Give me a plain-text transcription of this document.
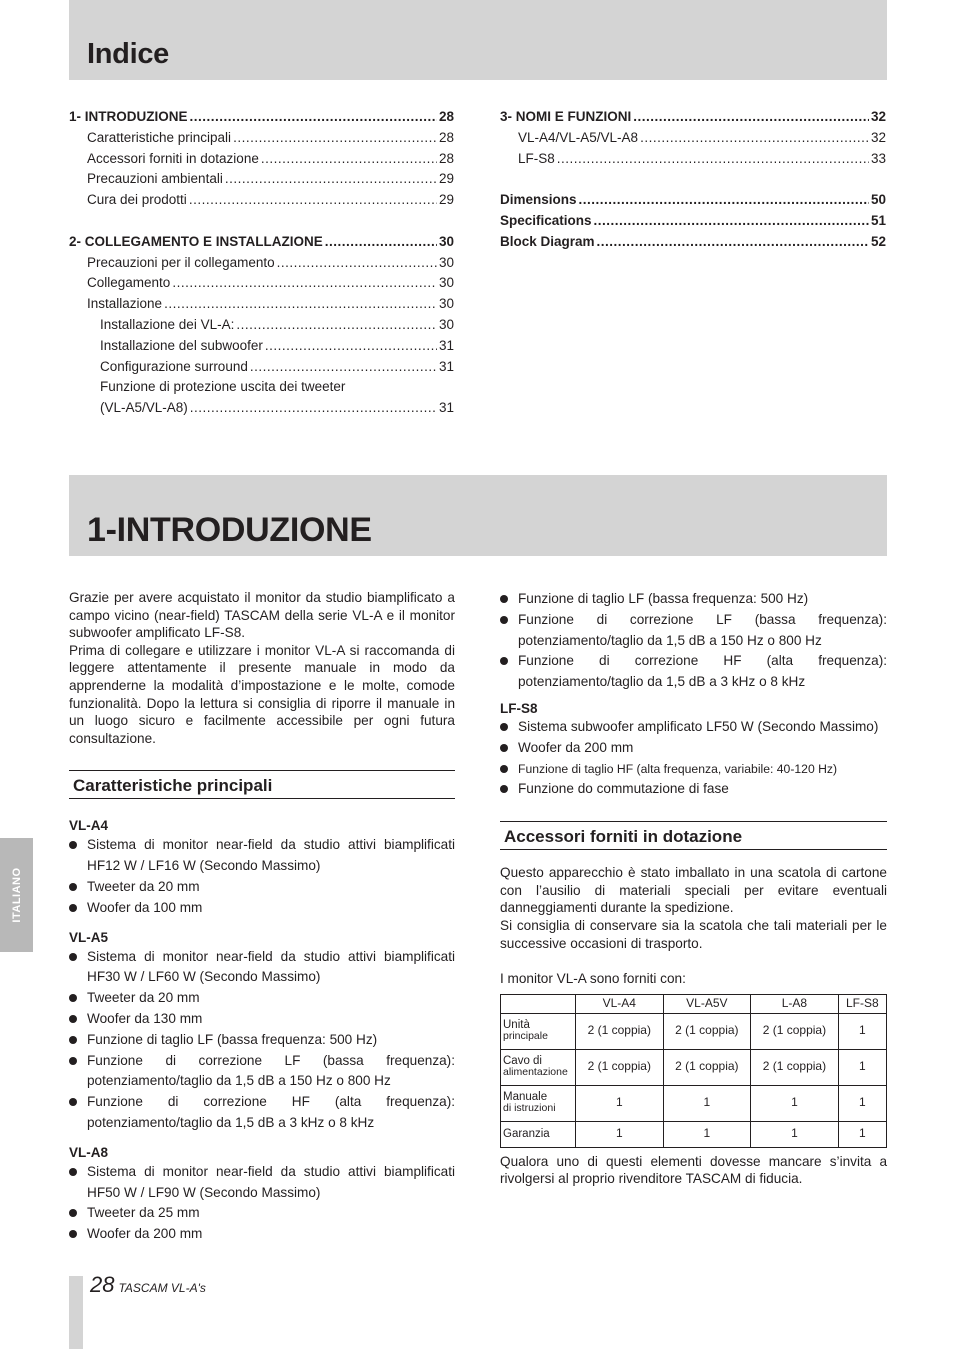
Indice
1- INTRODUZIONE .....	28
Caratteristiche principali .....	28
Accessori forniti in dotazione .....	28
Precauzioni ambientali .....	29
Cura dei prodotti .....	29
2- COLLEGAMENTO E INSTALLAZIONE .....	30
Precauzioni per il collegamento .....	30
Collegamento .....	30
Installazione .....	30
Installazione dei VL-A: .....	30
Installazione del subwoofer .....	31
Configurazione surround .....	31
Funzione di protezione uscita dei tweeter
(VL-A5/VL-A8) .....	31
3- NOMI E FUNZIONI .....	32
VL-A4/VL-A5/VL-A8 .....	32
LF-S8 .....	33
Dimensions .....	50
Specifications .....	51
Block Diagram .....	52
1-INTRODUZIONE

Grazie per avere acquistato il monitor da studio biamplificato a campo vicino (near-field) TASCAM della serie VL-A e il monitor subwoofer amplificato LF-S8.

Prima di collegare e utilizzare i monitor VL-A si raccomanda di leggere attentamente il presente manuale in modo da apprenderne la modalità d’impostazione e le molte, comode funzionalità. Dopo la lettura si consiglia di riporre il manuale in un luogo sicuro e facilmente accessibile per ogni futura consultazione.

Caratteristiche principali
VL-A4
Sistema di monitor near-field da studio attivi biamplificati HF12 W / LF16 W (Secondo Massimo)
Tweeter da 20 mm
Woofer da 100 mm
VL-A5
Sistema di monitor near-field da studio attivi biamplificati HF30 W / LF60 W (Secondo Massimo)
Tweeter da 20 mm
Woofer da 130 mm
Funzione di taglio LF (bassa frequenza: 500 Hz)
Funzione di correzione LF (bassa frequenza): potenziamento/taglio da 1,5 dB a 150 Hz o 800 Hz
Funzione di correzione HF (alta frequenza): potenziamento/taglio da 1,5 dB a 3 kHz o 8 kHz
VL-A8
Sistema di monitor near-field da studio attivi biamplificati HF50 W / LF90 W (Secondo Massimo)
Tweeter da 25 mm
Woofer da 200 mm
Funzione di taglio LF (bassa frequenza: 500 Hz)
Funzione di correzione LF (bassa frequenza): potenziamento/taglio da 1,5 dB a 150 Hz o 800 Hz
Funzione di correzione HF (alta frequenza): potenziamento/taglio da 1,5 dB a 3 kHz o 8 kHz
LF-S8
Sistema subwoofer amplificato LF50 W (Secondo Massimo)
Woofer da 200 mm
Funzione di taglio HF (alta frequenza, variabile: 40-120 Hz)
Funzione do commutazione di fase
Accessori forniti in dotazione

Questo apparecchio è stato imballato in una scatola di cartone con l’ausilio di materiali speciali per evitare eventuali danneggiamenti durante la spedizione.

Si consiglia di conservare sia la scatola che tali materiali per le successive occasioni di trasporto.

I monitor VL-A sono forniti con:

	VL-A4	VL-A5V	L-A8	LF-S8
Unità
principale	2 (1 coppia)	2 (1 coppia)	2 (1 coppia)	1
Cavo di
alimentazione	2 (1 coppia)	2 (1 coppia)	2 (1 coppia)	1
Manuale
di istruzioni	1	1	1	1
Garanzia	1	1	1	1

Qualora uno di questi elementi dovesse mancare s’invita a rivolgersi al proprio rivenditore TASCAM di fiducia.

ITALIANO
28 TASCAM VL-A's
